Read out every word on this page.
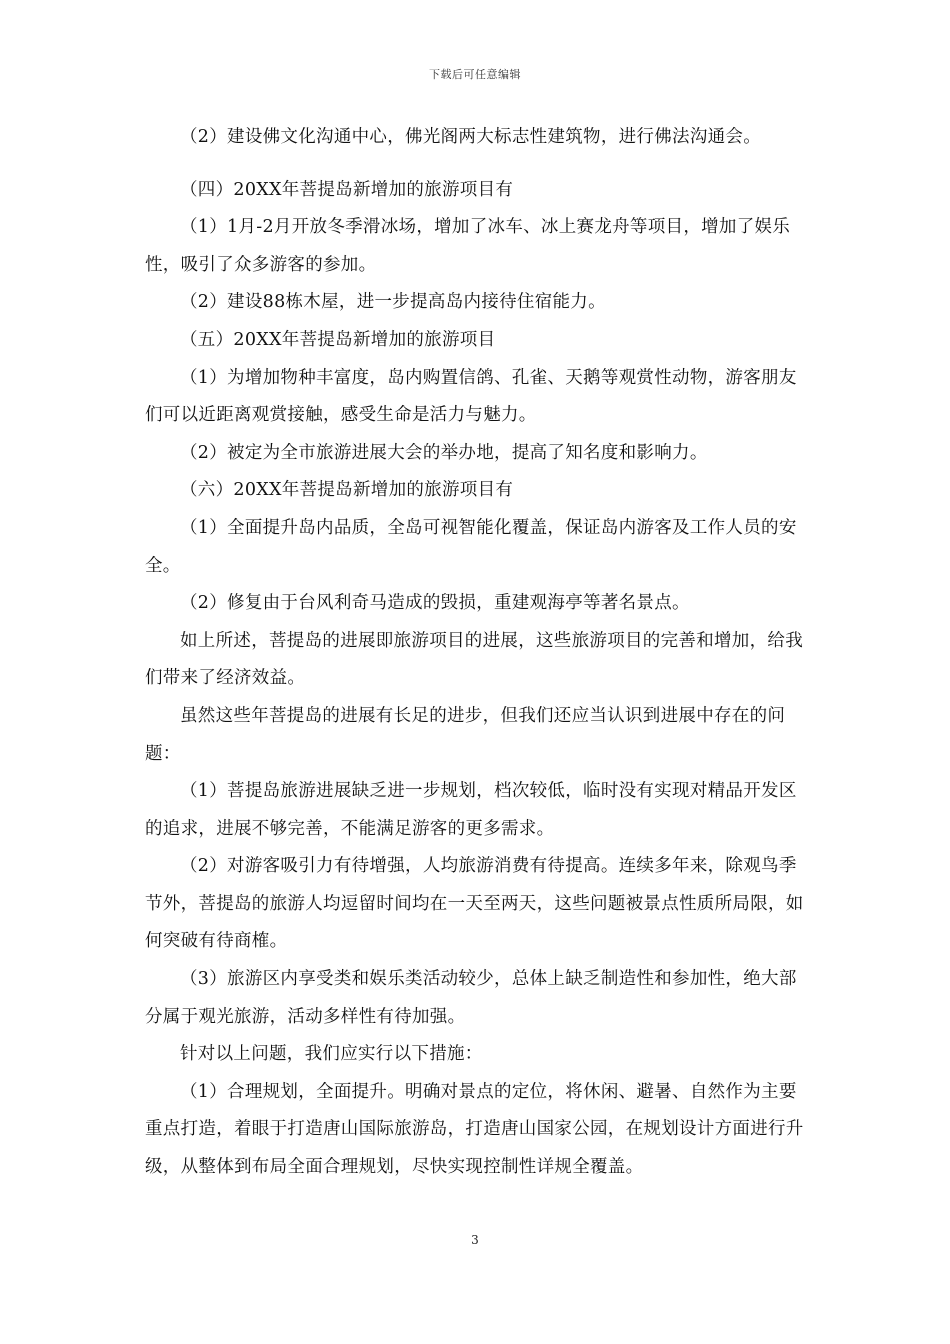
下载后可任意编辑

（2）建设佛文化沟通中心，佛光阁两大标志性建筑物，进行佛法沟通会。

（四）20XX年菩提岛新增加的旅游项目有

（1）1月-2月开放冬季滑冰场，增加了冰车、冰上赛龙舟等项目，增加了娱乐性，吸引了众多游客的参加。

（2）建设88栋木屋，进一步提高岛内接待住宿能力。

（五）20XX年菩提岛新增加的旅游项目

（1）为增加物种丰富度，岛内购置信鸽、孔雀、天鹅等观赏性动物，游客朋友们可以近距离观赏接触，感受生命是活力与魅力。

（2）被定为全市旅游进展大会的举办地，提高了知名度和影响力。

（六）20XX年菩提岛新增加的旅游项目有

（1）全面提升岛内品质，全岛可视智能化覆盖，保证岛内游客及工作人员的安全。

（2）修复由于台风利奇马造成的毁损，重建观海亭等著名景点。

如上所述，菩提岛的进展即旅游项目的进展，这些旅游项目的完善和增加，给我们带来了经济效益。

虽然这些年菩提岛的进展有长足的进步，但我们还应当认识到进展中存在的问题：

（1）菩提岛旅游进展缺乏进一步规划，档次较低，临时没有实现对精品开发区的追求，进展不够完善，不能满足游客的更多需求。

（2）对游客吸引力有待增强，人均旅游消费有待提高。连续多年来，除观鸟季节外，菩提岛的旅游人均逗留时间均在一天至两天，这些问题被景点性质所局限，如何突破有待商榷。

（3）旅游区内享受类和娱乐类活动较少，总体上缺乏制造性和参加性，绝大部分属于观光旅游，活动多样性有待加强。

针对以上问题，我们应实行以下措施：

（1）合理规划，全面提升。明确对景点的定位，将休闲、避暑、自然作为主要重点打造，着眼于打造唐山国际旅游岛，打造唐山国家公园，在规划设计方面进行升级，从整体到布局全面合理规划，尽快实现控制性详规全覆盖。

3
